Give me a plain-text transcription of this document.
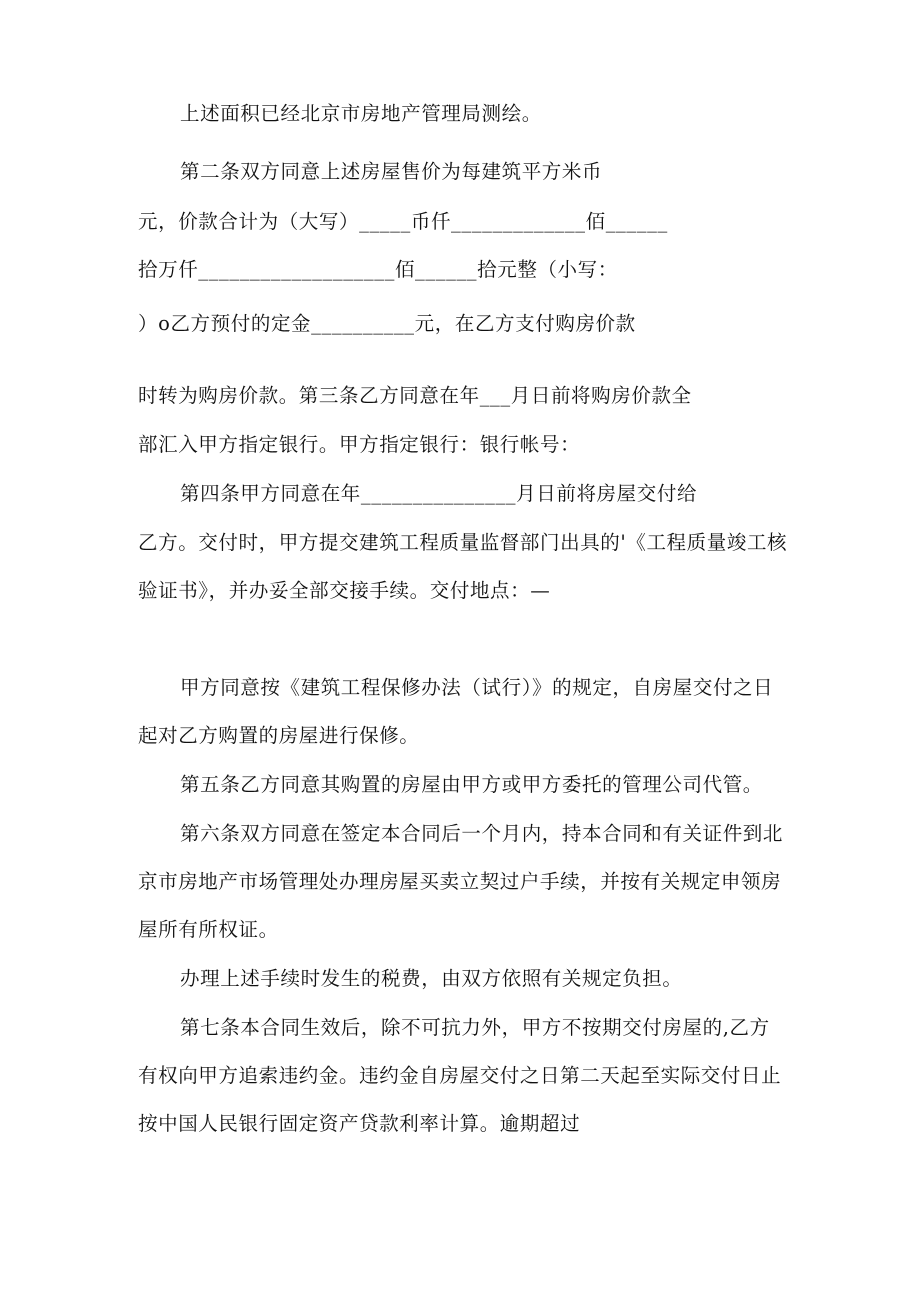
上述面积已经北京市房地产管理局测绘。
第二条双方同意上述房屋售价为每建筑平方米币
元，价款合计为（大写）_____币仟_____________佰______
拾万仟___________________佰______拾元整（小写：
）o乙方预付的定金__________元，在乙方支付购房价款
时转为购房价款。第三条乙方同意在年___月日前将购房价款全
部汇入甲方指定银行。甲方指定银行：银行帐号：
第四条甲方同意在年_______________月日前将房屋交付给
乙方。交付时，甲方提交建筑工程质量监督部门出具的'《工程质量竣工核
验证书》，并办妥全部交接手续。交付地点：—
甲方同意按《建筑工程保修办法（试行）》的规定，自房屋交付之日
起对乙方购置的房屋进行保修。
第五条乙方同意其购置的房屋由甲方或甲方委托的管理公司代管。
第六条双方同意在签定本合同后一个月内，持本合同和有关证件到北
京市房地产市场管理处办理房屋买卖立契过户手续，并按有关规定申领房
屋所有所权证。
办理上述手续时发生的税费，由双方依照有关规定负担。
第七条本合同生效后，除不可抗力外，甲方不按期交付房屋的,乙方
有权向甲方追索违约金。违约金自房屋交付之日第二天起至实际交付日止
按中国人民银行固定资产贷款利率计算。逾期超过
